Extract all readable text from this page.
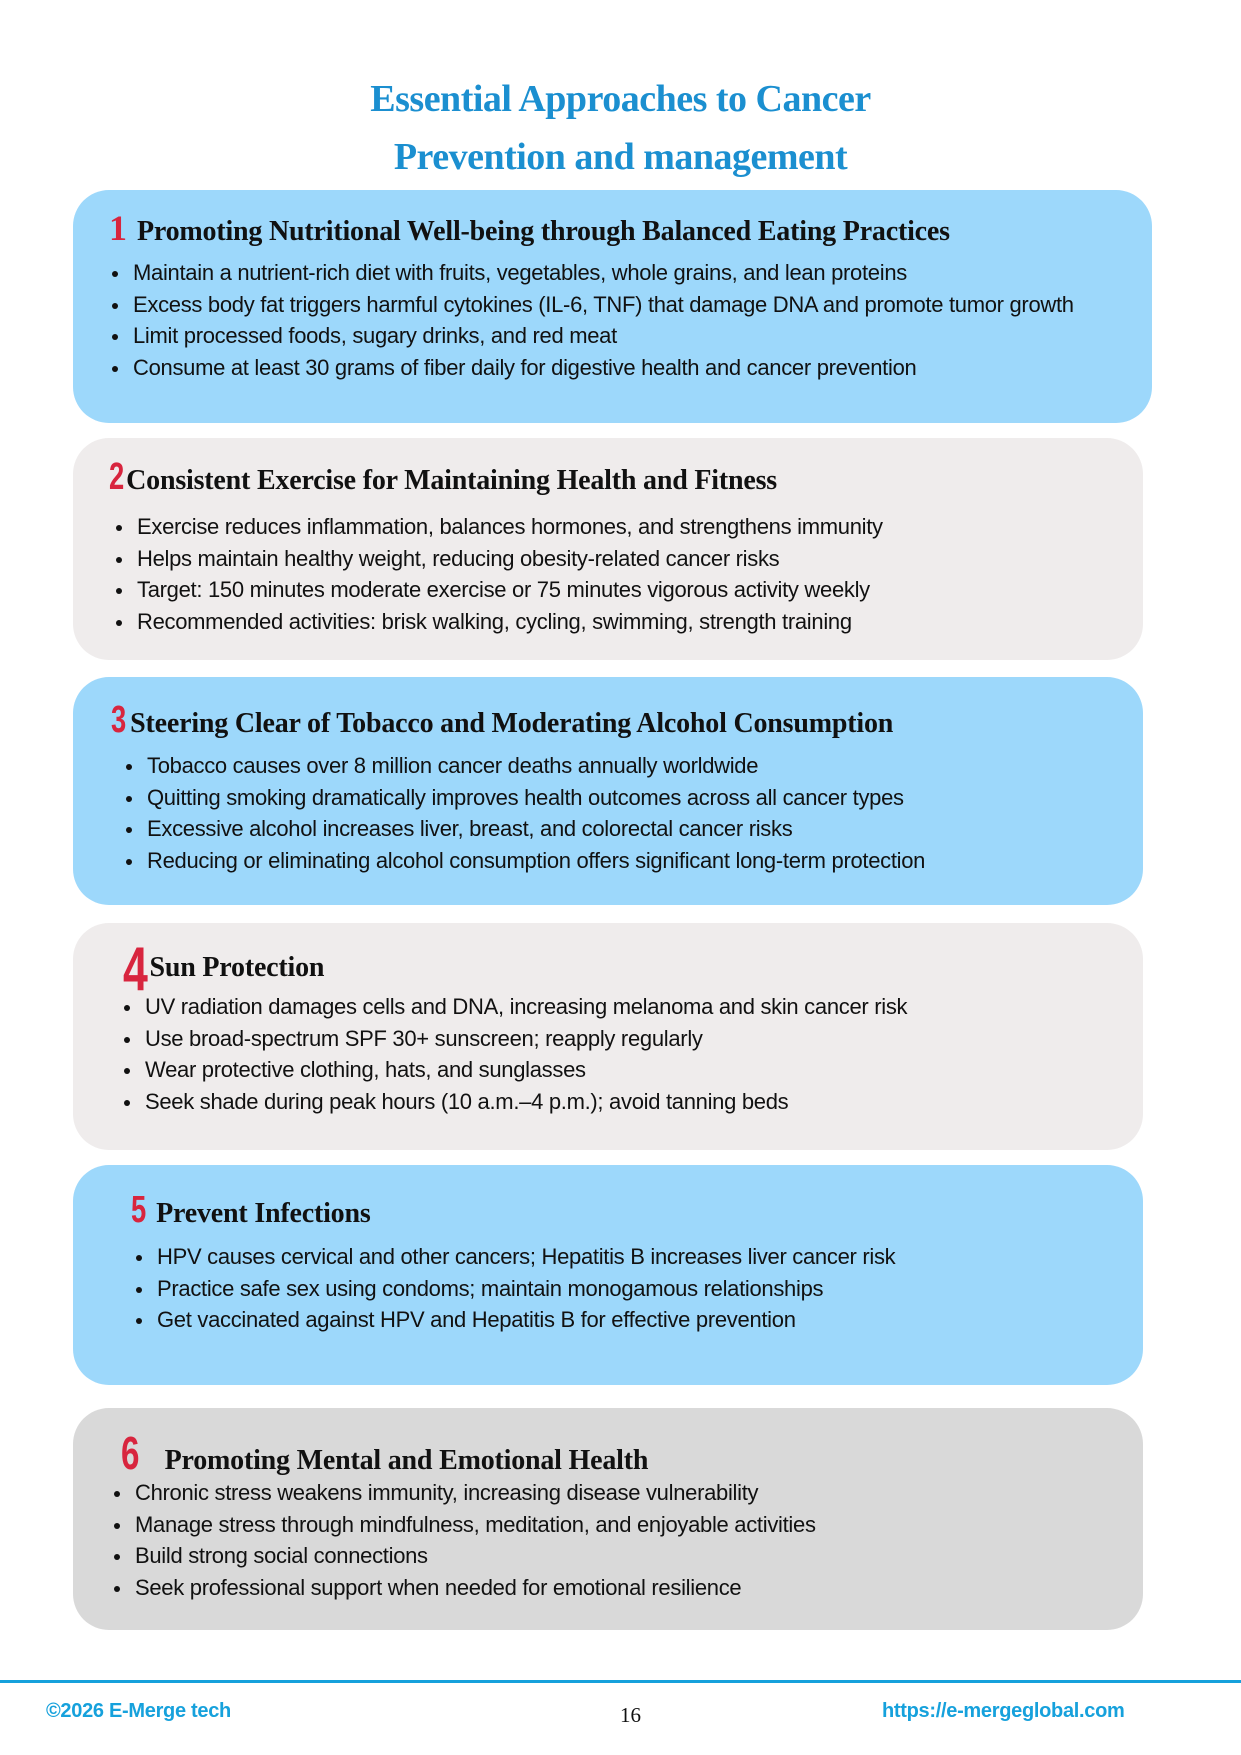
Essential Approaches to Cancer
Prevention and management
1 Promoting Nutritional Well-being through Balanced Eating Practices
Maintain a nutrient-rich diet with fruits, vegetables, whole grains, and lean proteins
Excess body fat triggers harmful cytokines (IL-6, TNF) that damage DNA and promote tumor growth
Limit processed foods, sugary drinks, and red meat
Consume at least 30 grams of fiber daily for digestive health and cancer prevention
2 Consistent Exercise for Maintaining Health and Fitness
Exercise reduces inflammation, balances hormones, and strengthens immunity
Helps maintain healthy weight, reducing obesity-related cancer risks
Target: 150 minutes moderate exercise or 75 minutes vigorous activity weekly
Recommended activities: brisk walking, cycling, swimming, strength training
3 Steering Clear of Tobacco and Moderating Alcohol Consumption
Tobacco causes over 8 million cancer deaths annually worldwide
Quitting smoking dramatically improves health outcomes across all cancer types
Excessive alcohol increases liver, breast, and colorectal cancer risks
Reducing or eliminating alcohol consumption offers significant long-term protection
4 Sun Protection
UV radiation damages cells and DNA, increasing melanoma and skin cancer risk
Use broad-spectrum SPF 30+ sunscreen; reapply regularly
Wear protective clothing, hats, and sunglasses
Seek shade during peak hours (10 a.m.–4 p.m.); avoid tanning beds
5 Prevent Infections
HPV causes cervical and other cancers; Hepatitis B increases liver cancer risk
Practice safe sex using condoms; maintain monogamous relationships
Get vaccinated against HPV and Hepatitis B for effective prevention
6 Promoting Mental and Emotional Health
Chronic stress weakens immunity, increasing disease vulnerability
Manage stress through mindfulness, meditation, and enjoyable activities
Build strong social connections
Seek professional support when needed for emotional resilience
©2026 E-Merge tech	16	https://e-mergeglobal.com
